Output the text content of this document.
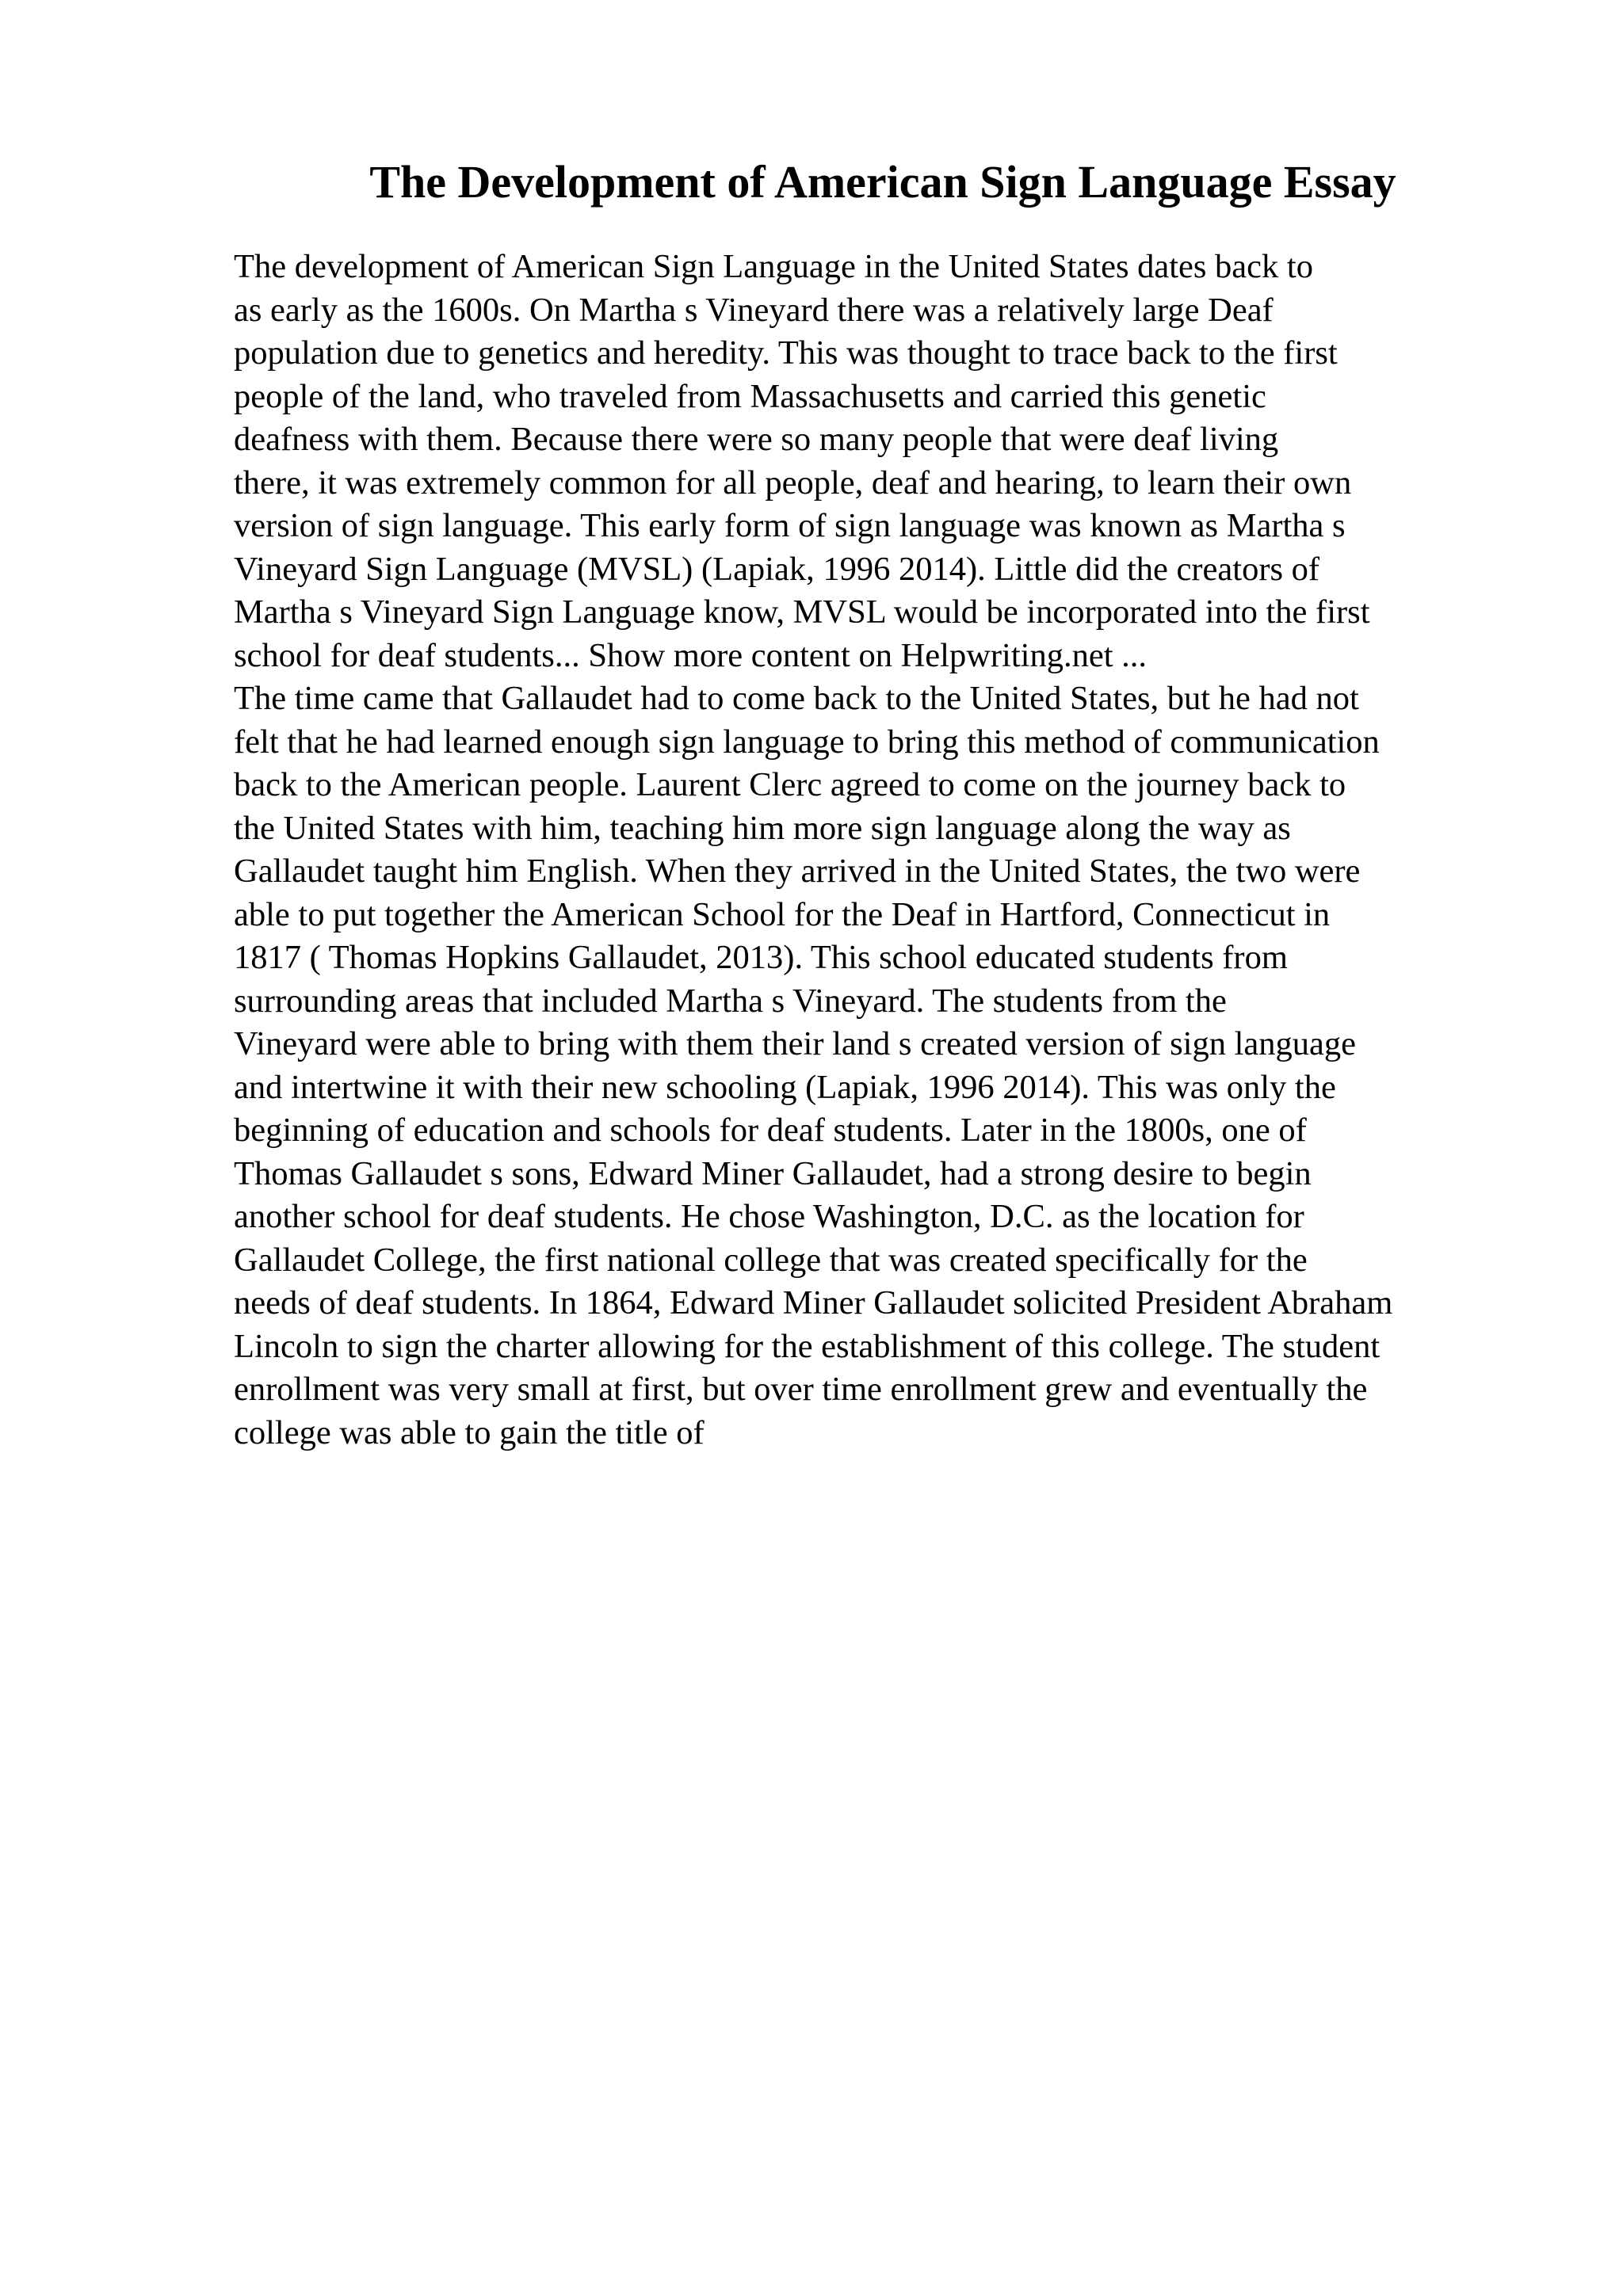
The Development of American Sign Language Essay
The development of American Sign Language in the United States dates back to
as early as the 1600s. On Martha s Vineyard there was a relatively large Deaf
population due to genetics and heredity. This was thought to trace back to the first
people of the land, who traveled from Massachusetts and carried this genetic
deafness with them. Because there were so many people that were deaf living
there, it was extremely common for all people, deaf and hearing, to learn their own
version of sign language. This early form of sign language was known as Martha s
Vineyard Sign Language (MVSL) (Lapiak, 1996 2014). Little did the creators of
Martha s Vineyard Sign Language know, MVSL would be incorporated into the first
school for deaf students... Show more content on Helpwriting.net ...
The time came that Gallaudet had to come back to the United States, but he had not
felt that he had learned enough sign language to bring this method of communication
back to the American people. Laurent Clerc agreed to come on the journey back to
the United States with him, teaching him more sign language along the way as
Gallaudet taught him English. When they arrived in the United States, the two were
able to put together the American School for the Deaf in Hartford, Connecticut in
1817 ( Thomas Hopkins Gallaudet, 2013). This school educated students from
surrounding areas that included Martha s Vineyard. The students from the
Vineyard were able to bring with them their land s created version of sign language
and intertwine it with their new schooling (Lapiak, 1996 2014). This was only the
beginning of education and schools for deaf students. Later in the 1800s, one of
Thomas Gallaudet s sons, Edward Miner Gallaudet, had a strong desire to begin
another school for deaf students. He chose Washington, D.C. as the location for
Gallaudet College, the first national college that was created specifically for the
needs of deaf students. In 1864, Edward Miner Gallaudet solicited President Abraham
Lincoln to sign the charter allowing for the establishment of this college. The student
enrollment was very small at first, but over time enrollment grew and eventually the
college was able to gain the title of
